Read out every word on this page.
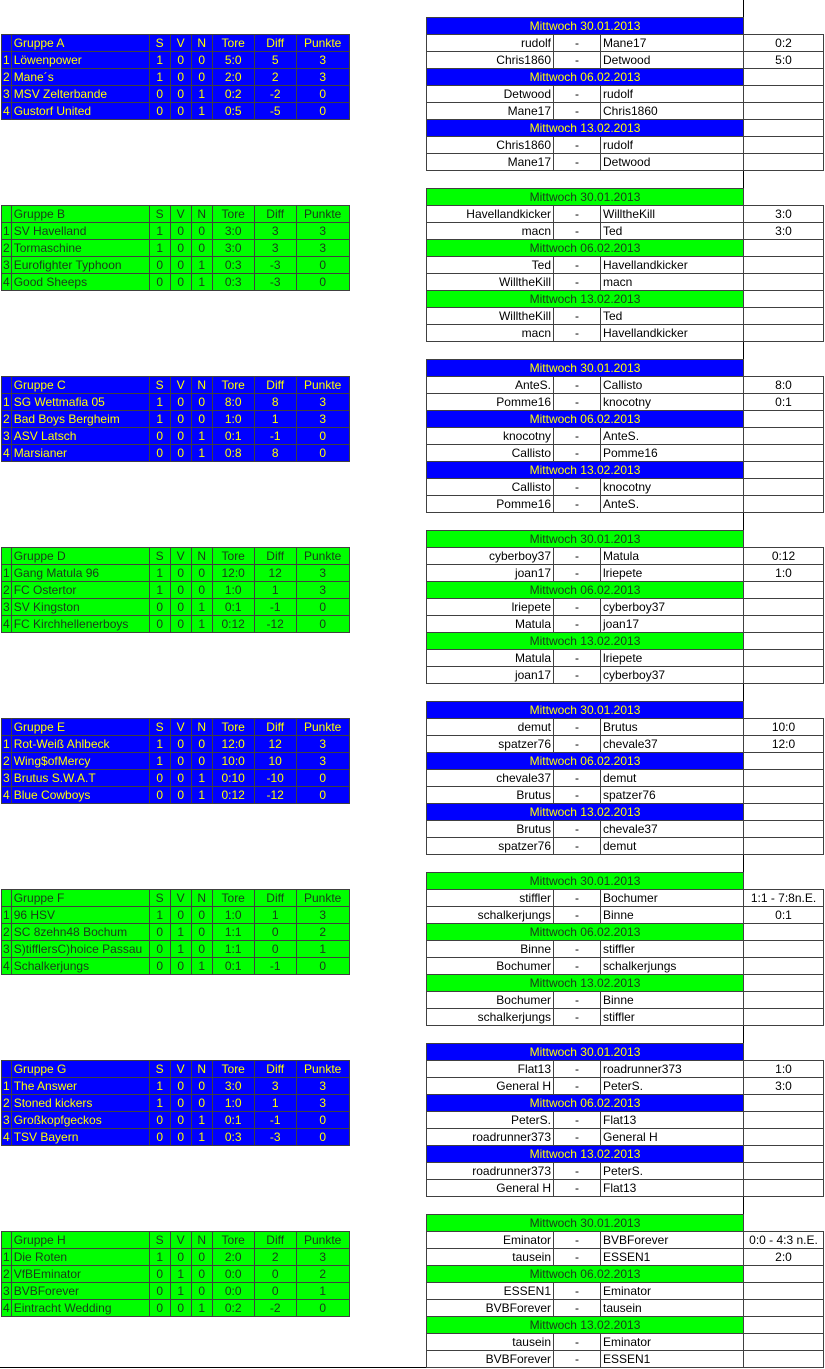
	Gruppe A	S	V	N	Tore	Diff	Punkte
1	Löwenpower	1	0	0	5:0	5	3
2	Mane´s	1	0	0	2:0	2	3
3	MSV Zelterbande	0	0	1	0:2	-2	0
4	Gustorf United	0	0	1	0:5	-5	0
Mittwoch 30.01.2013			
rudolf	-	Mane17	0:2
Chris1860	-	Detwood	5:0
Mittwoch 06.02.2013			
Detwood	-	rudolf	
Mane17	-	Chris1860	
Mittwoch 13.02.2013			
Chris1860	-	rudolf	
Mane17	-	Detwood	
	Gruppe B	S	V	N	Tore	Diff	Punkte
1	SV Havelland	1	0	0	3:0	3	3
2	Tormaschine	1	0	0	3:0	3	3
3	Eurofighter Typhoon	0	0	1	0:3	-3	0
4	Good Sheeps	0	0	1	0:3	-3	0
Mittwoch 30.01.2013			
Havellandkicker	-	WilltheKill	3:0
macn	-	Ted	3:0
Mittwoch 06.02.2013			
Ted	-	Havellandkicker	
WilltheKill	-	macn	
Mittwoch 13.02.2013			
WilltheKill	-	Ted	
macn	-	Havellandkicker	
	Gruppe C	S	V	N	Tore	Diff	Punkte
1	SG Wettmafia 05	1	0	0	8:0	8	3
2	Bad Boys Bergheim	1	0	0	1:0	1	3
3	ASV Latsch	0	0	1	0:1	-1	0
4	Marsianer	0	0	1	0:8	8	0
Mittwoch 30.01.2013			
AnteS.	-	Callisto	8:0
Pomme16	-	knocotny	0:1
Mittwoch 06.02.2013			
knocotny	-	AnteS.	
Callisto	-	Pomme16	
Mittwoch 13.02.2013			
Callisto	-	knocotny	
Pomme16	-	AnteS.	
	Gruppe D	S	V	N	Tore	Diff	Punkte
1	Gang Matula 96	1	0	0	12:0	12	3
2	FC Ostertor	1	0	0	1:0	1	3
3	SV Kingston	0	0	1	0:1	-1	0
4	FC Kirchhellenerboys	0	0	1	0:12	-12	0
Mittwoch 30.01.2013			
cyberboy37	-	Matula	0:12
joan17	-	lriepete	1:0
Mittwoch 06.02.2013			
lriepete	-	cyberboy37	
Matula	-	joan17	
Mittwoch 13.02.2013			
Matula	-	lriepete	
joan17	-	cyberboy37	
	Gruppe E	S	V	N	Tore	Diff	Punkte
1	Rot-Weiß Ahlbeck	1	0	0	12:0	12	3
2	Wing$ofMercy	1	0	0	10:0	10	3
3	Brutus S.W.A.T	0	0	1	0:10	-10	0
4	Blue Cowboys	0	0	1	0:12	-12	0
Mittwoch 30.01.2013			
demut	-	Brutus	10:0
spatzer76	-	chevale37	12:0
Mittwoch 06.02.2013			
chevale37	-	demut	
Brutus	-	spatzer76	
Mittwoch 13.02.2013			
Brutus	-	chevale37	
spatzer76	-	demut	
	Gruppe F	S	V	N	Tore	Diff	Punkte
1	96 HSV	1	0	0	1:0	1	3
2	SC 8zehn48 Bochum	0	1	0	1:1	0	2
3	S)tifflersC)hoice Passau	0	1	0	1:1	0	1
4	Schalkerjungs	0	0	1	0:1	-1	0
Mittwoch 30.01.2013			
stiffler	-	Bochumer	1:1 - 7:8n.E.
schalkerjungs	-	Binne	0:1
Mittwoch 06.02.2013			
Binne	-	stiffler	
Bochumer	-	schalkerjungs	
Mittwoch 13.02.2013			
Bochumer	-	Binne	
schalkerjungs	-	stiffler	
	Gruppe G	S	V	N	Tore	Diff	Punkte
1	The Answer	1	0	0	3:0	3	3
2	Stoned kickers	1	0	0	1:0	1	3
3	Großkopfgeckos	0	0	1	0:1	-1	0
4	TSV Bayern	0	0	1	0:3	-3	0
Mittwoch 30.01.2013			
Flat13	-	roadrunner373	1:0
General H	-	PeterS.	3:0
Mittwoch 06.02.2013			
PeterS.	-	Flat13	
roadrunner373	-	General H	
Mittwoch 13.02.2013			
roadrunner373	-	PeterS.	
General H	-	Flat13	
	Gruppe H	S	V	N	Tore	Diff	Punkte
1	Die Roten	1	0	0	2:0	2	3
2	VfBEminator	0	1	0	0:0	0	2
3	BVBForever	0	1	0	0:0	0	1
4	Eintracht Wedding	0	0	1	0:2	-2	0
Mittwoch 30.01.2013			
Eminator	-	BVBForever	0:0 - 4:3 n.E.
tausein	-	ESSEN1	2:0
Mittwoch 06.02.2013			
ESSEN1	-	Eminator	
BVBForever	-	tausein	
Mittwoch 13.02.2013			
tausein	-	Eminator	
BVBForever	-	ESSEN1	
